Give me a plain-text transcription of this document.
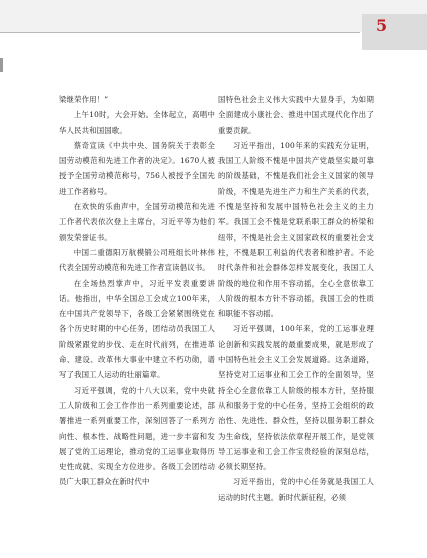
5

梁继荣作用！”

上午10时，大会开始。全体起立，高唱中华人民共和国国歌。

蔡奇宣读《中共中央、国务院关于表彰全国劳动模范和先进工作者的决定》。1670人被授予全国劳动模范称号，756人被授予全国先进工作者称号。

在欢快的乐曲声中，全国劳动模范和先进工作者代表依次登上主席台，习近平等为他们颁发荣誉证书。

中国二重德阳万航模锻公司班组长叶林伟代表全国劳动模范和先进工作者宣读倡议书。

在全场热烈掌声中，习近平发表重要讲话。他指出，中华全国总工会成立100年来，在中国共产党领导下，各级工会紧紧围绕党在各个历史时期的中心任务，团结动员我国工人阶级紧跟党的步伐、走在时代前列，在推进革命、建设、改革伟大事业中建立不朽功勋，谱写了我国工人运动的壮丽篇章。

习近平强调，党的十八大以来，党中央就工人阶级和工会工作作出一系列重要论述，部署推进一系列重要工作，深刻回答了一系列方向性、根本性、战略性问题，进一步丰富和发展了党的工运理论，推动党的工运事业取得历史性成就、实现全方位进步。各级工会团结动员广大职工群众在新时代中

国特色社会主义伟大实践中大显身手，为如期全面建成小康社会、推进中国式现代化作出了重要贡献。

习近平指出，100年来的实践充分证明，我国工人阶级不愧是中国共产党最坚实最可靠的阶级基础，不愧是我们社会主义国家的领导阶级，不愧是先进生产力和生产关系的代表，不愧是坚持和发展中国特色社会主义的主力军。我国工会不愧是党联系职工群众的桥梁和纽带，不愧是社会主义国家政权的重要社会支柱，不愧是职工利益的代表者和维护者。不论时代条件和社会群体怎样发展变化，我国工人阶级的地位和作用不容动摇，全心全意依靠工人阶级的根本方针不容动摇，我国工会的性质和职能不容动摇。

习近平强调，100年来，党的工运事业理论创新和实践发展的最重要成果，就是形成了中国特色社会主义工会发展道路。这条道路，坚持党对工运事业和工会工作的全面领导，坚持全心全意依靠工人阶级的根本方针，坚持服从和服务于党的中心任务，坚持工会组织的政治性、先进性、群众性，坚持以服务职工群众为生命线，坚持依法依章程开展工作，是党领导工运事业和工会工作宝贵经验的深刻总结，必须长期坚持。

习近平指出，党的中心任务就是我国工人运动的时代主题。新时代新征程，必须
